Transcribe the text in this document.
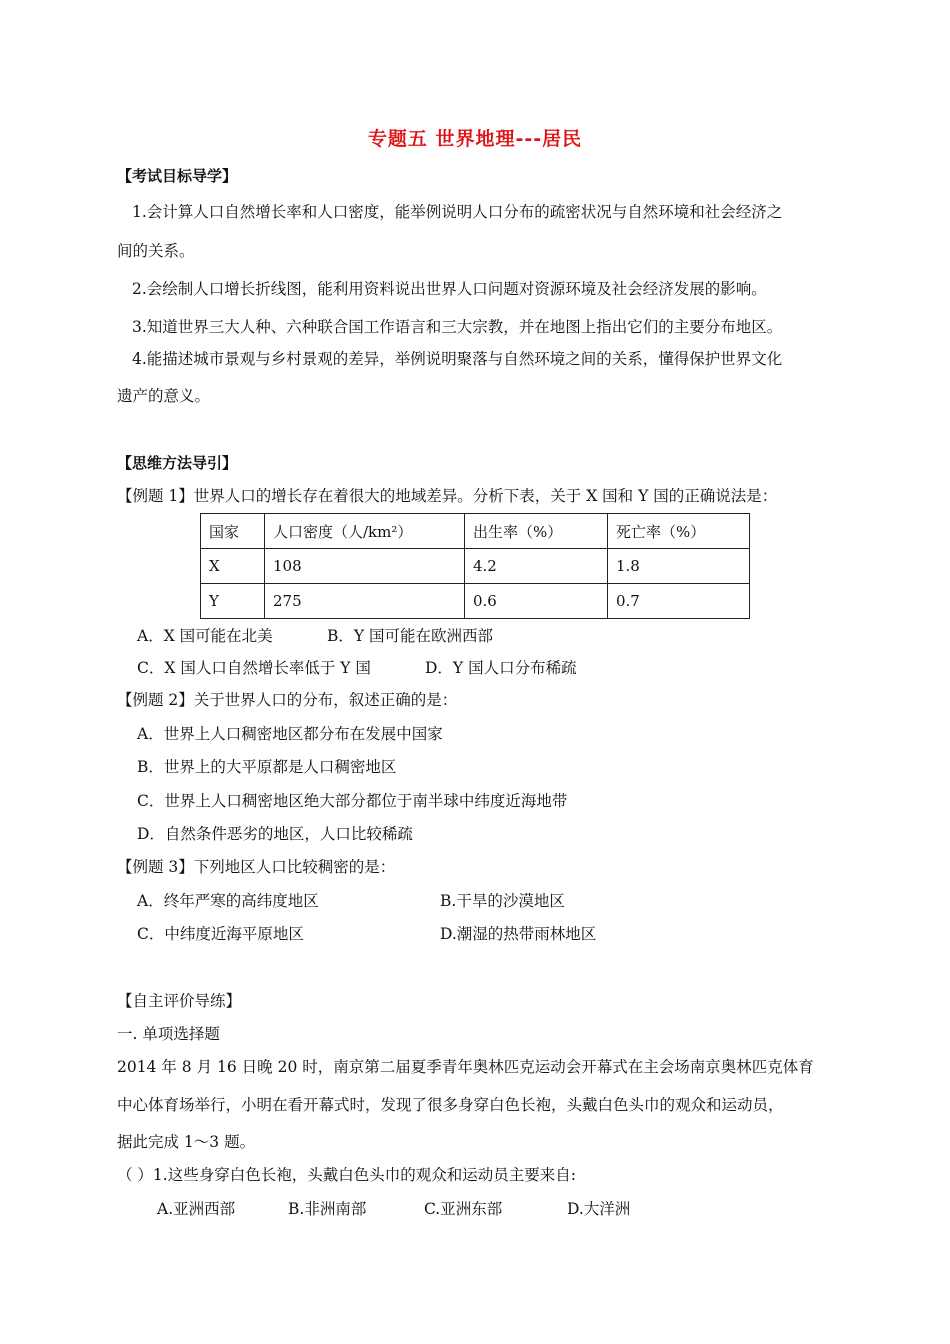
专题五 世界地理---居民
【考试目标导学】
1.会计算人口自然增长率和人口密度，能举例说明人口分布的疏密状况与自然环境和社会经济之
间的关系。
2.会绘制人口增长折线图，能利用资料说出世界人口问题对资源环境及社会经济发展的影响。
3.知道世界三大人种、六种联合国工作语言和三大宗教，并在地图上指出它们的主要分布地区。
4.能描述城市景观与乡村景观的差异，举例说明聚落与自然环境之间的关系，懂得保护世界文化
遗产的意义。
【思维方法导引】
【例题 1】世界人口的增长存在着很大的地域差异。分析下表，关于 X 国和 Y 国的正确说法是：
国家	人口密度（人/km²）	出生率（%）	死亡率（%）
X	108	4.2	1.8
Y	275	0.6	0.7
A．X 国可能在北美	B．Y 国可能在欧洲西部
C．X 国人口自然增长率低于 Y 国	D．Y 国人口分布稀疏
【例题 2】关于世界人口的分布，叙述正确的是：
A．世界上人口稠密地区都分布在发展中国家
B．世界上的大平原都是人口稠密地区
C．世界上人口稠密地区绝大部分都位于南半球中纬度近海地带
D．自然条件恶劣的地区，人口比较稀疏
【例题 3】下列地区人口比较稠密的是：
A．终年严寒的高纬度地区	B.干旱的沙漠地区
C．中纬度近海平原地区	D.潮湿的热带雨林地区
【自主评价导练】
一. 单项选择题
2014 年 8 月 16 日晚 20 时，南京第二届夏季青年奥林匹克运动会开幕式在主会场南京奥林匹克体育
中心体育场举行，小明在看开幕式时，发现了很多身穿白色长袍，头戴白色头巾的观众和运动员，
据此完成 1～3 题。
（ ）1.这些身穿白色长袍，头戴白色头巾的观众和运动员主要来自:
A.亚洲西部	B.非洲南部	C.亚洲东部	D.大洋洲
